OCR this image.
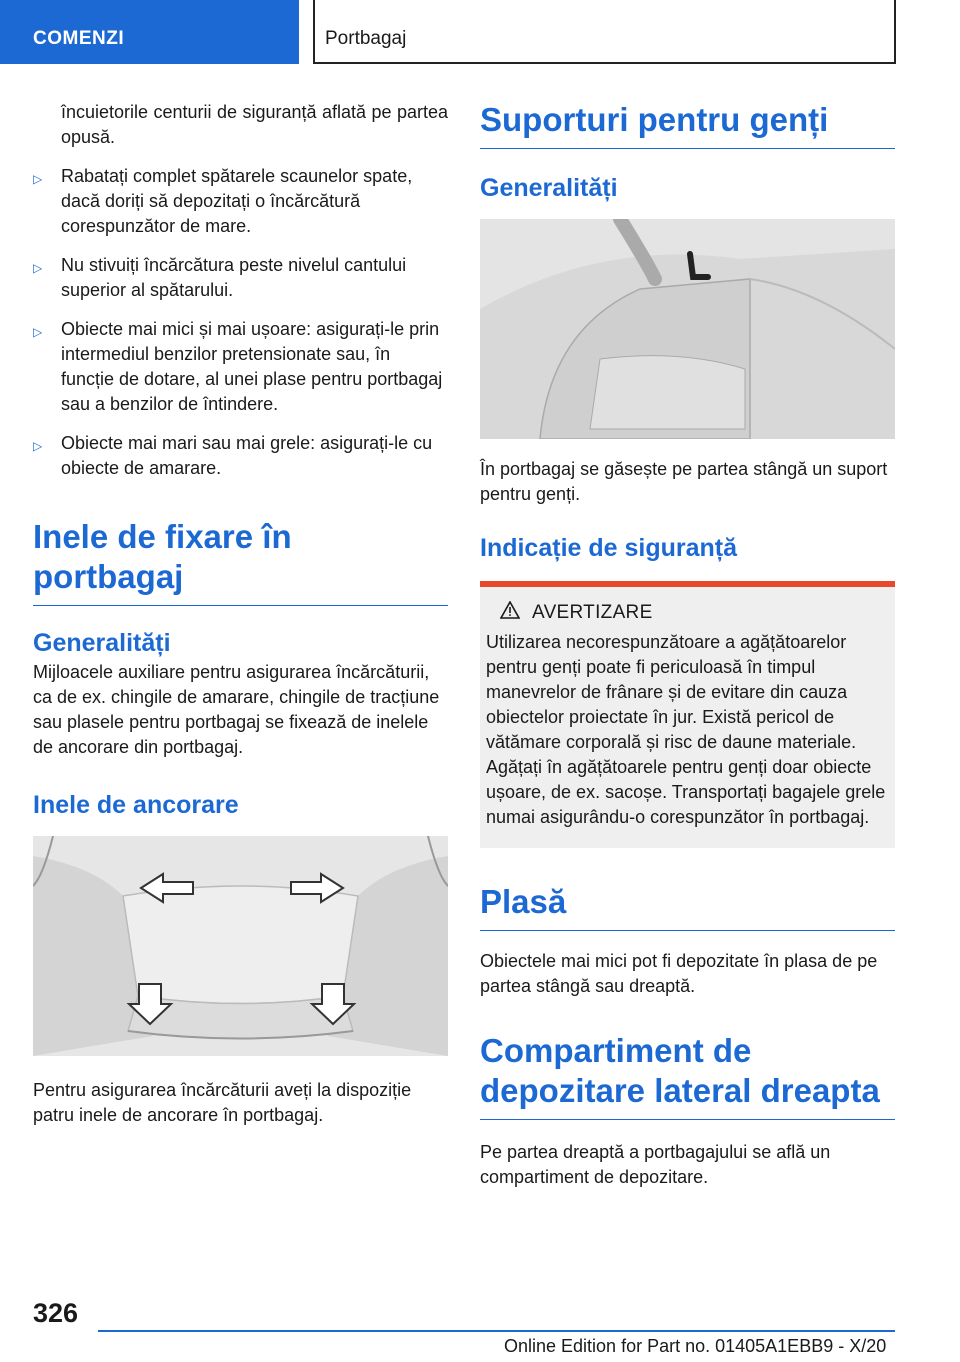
COMENZI	Portbagaj

încuietorile centurii de siguranță aflată pe partea opusă.

▷ Rabatați complet spătarele scaunelor spate, dacă doriți să depozitați o încărcătură corespunzător de mare.
▷ Nu stivuiți încărcătura peste nivelul cantului superior al spătarului.
▷ Obiecte mai mici și mai ușoare: asigurați-le prin intermediul benzilor pretensionate sau, în funcție de dotare, al unei plase pentru portbagaj sau a benzilor de întindere.
▷ Obiecte mai mari sau mai grele: asigurați-le cu obiecte de amarare.
Inele de fixare în portbagaj
Generalități

Mijloacele auxiliare pentru asigurarea încărcăturii, ca de ex. chingile de amarare, chingile de tracțiune sau plasele pentru portbagaj se fixează de inelele de ancorare din portbagaj.

Inele de ancorare

Pentru asigurarea încărcăturii aveți la dispoziție patru inele de ancorare în portbagaj.

Suporturi pentru genți
Generalități

În portbagaj se găsește pe partea stângă un suport pentru genți.

Indicație de siguranță
AVERTIZARE

Utilizarea necorespunzătoare a agățătoarelor pentru genți poate fi periculoasă în timpul manevrelor de frânare și de evitare din cauza obiectelor proiectate în jur. Există pericol de vătămare corporală și risc de daune materiale. Agățați în agățătoarele pentru genți doar obiecte ușoare, de ex. sacoșe. Transportați bagajele grele numai asigurându-o corespunzător în portbagaj.

Plasă

Obiectele mai mici pot fi depozitate în plasa de pe partea stângă sau dreaptă.

Compartiment de depozitare lateral dreapta

Pe partea dreaptă a portbagajului se află un compartiment de depozitare.

326
Online Edition for Part no. 01405A1EBB9 - X/20
